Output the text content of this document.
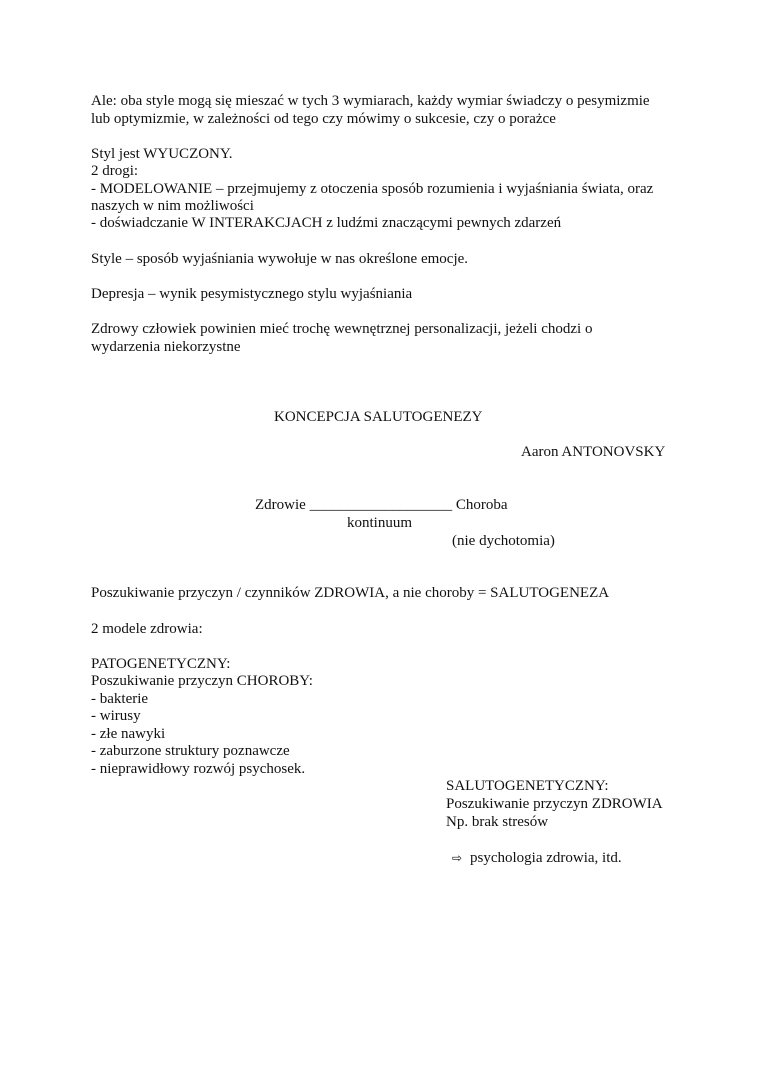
Ale: oba style mogą się mieszać w tych 3 wymiarach, każdy wymiar świadczy o pesymizmie
lub optymizmie, w zależności od tego czy mówimy o sukcesie, czy o porażce
Styl jest WYUCZONY.
2 drogi:
- MODELOWANIE – przejmujemy z otoczenia sposób rozumienia i wyjaśniania świata, oraz
naszych w nim możliwości
- doświadczanie W INTERAKCJACH z ludźmi znaczącymi pewnych zdarzeń
Style – sposób wyjaśniania wywołuje w nas określone emocje.
Depresja – wynik pesymistycznego stylu wyjaśniania
Zdrowy człowiek powinien mieć trochę wewnętrznej personalizacji, jeżeli chodzi o
wydarzenia niekorzystne
KONCEPCJA SALUTOGENEZY
Aaron ANTONOVSKY
Zdrowie ___________________ Choroba
kontinuum
(nie dychotomia)
Poszukiwanie przyczyn / czynników ZDROWIA, a nie choroby = SALUTOGENEZA
2 modele zdrowia:
PATOGENETYCZNY:
Poszukiwanie przyczyn CHOROBY:
- bakterie
- wirusy
- złe nawyki
- zaburzone struktury poznawcze
- nieprawidłowy rozwój psychosek.
SALUTOGENETYCZNY:
Poszukiwanie przyczyn ZDROWIA
Np. brak stresów
⇨ psychologia zdrowia, itd.
